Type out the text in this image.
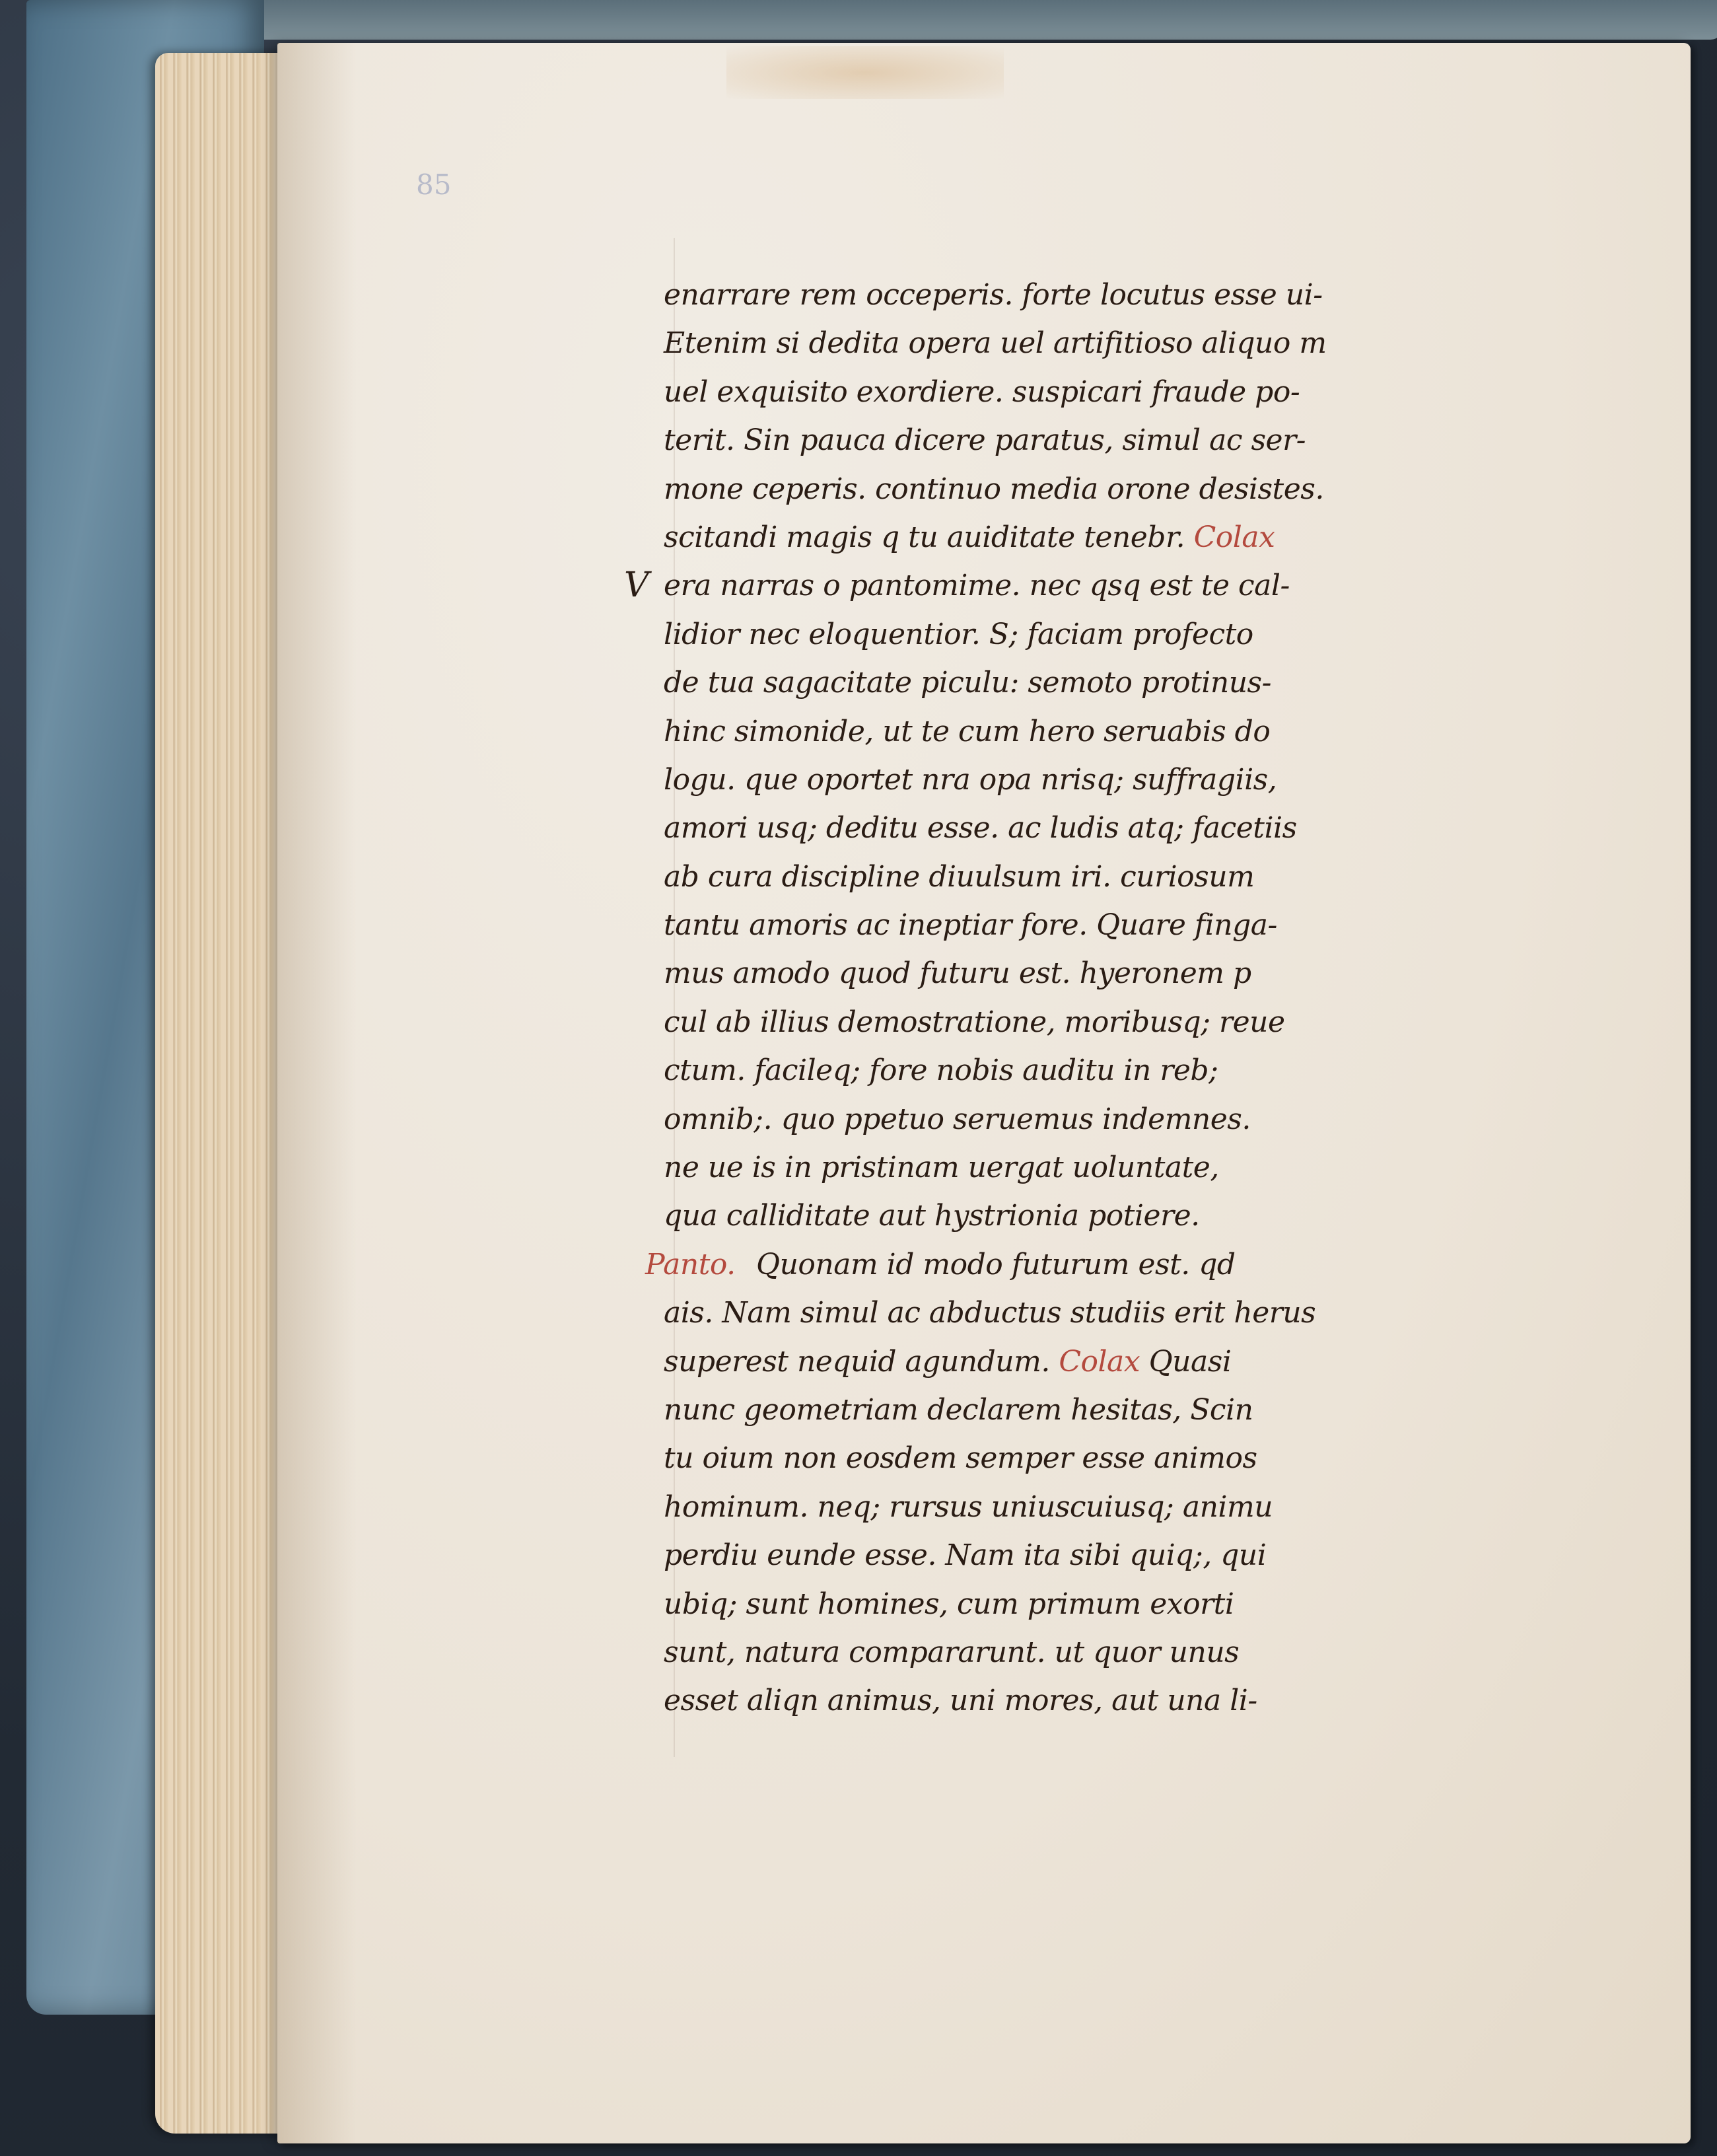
85
enarrare rem occeperis. forte locutus esse ui-
Etenim si dedita opera uel artifitioso aliquo m
uel exquisito exordiere. suspicari fraude po-
terit. Sin pauca dicere paratus, simul ac ser-
mone ceperis. continuo media orone desistes.
scitandi magis q tu auiditate tenebr. Colax
V era narras o pantomime. nec qsq est te cal-
lidior nec eloquentior. S; faciam profecto
de tua sagacitate piculu: semoto protinus-
hinc simonide, ut te cum hero seruabis do
logu. que oportet nra opa nrisq; suffragiis,
amori usq; deditu esse. ac ludis atq; facetiis
ab cura discipline diuulsum iri. curiosum
tantu amoris ac ineptiar fore. Quare finga-
mus amodo quod futuru est. hyeronem p
cul ab illius demostratione, moribusq; reue
ctum. facileq; fore nobis auditu in reb;
omnib;. quo ppetuo seruemus indemnes.
ne ue is in pristinam uergat uoluntate,
qua calliditate aut hystrionia potiere.
Panto. Quonam id modo futurum est. qd
ais. Nam simul ac abductus studiis erit herus
superest nequid agundum. Colax Quasi
nunc geometriam declarem hesitas, Scin
tu oium non eosdem semper esse animos
hominum. neq; rursus uniuscuiusq; animu
perdiu eunde esse. Nam ita sibi quiq;, qui
ubiq; sunt homines, cum primum exorti
sunt, natura compararunt. ut quor unus
esset aliqn animus, uni mores, aut una li-
